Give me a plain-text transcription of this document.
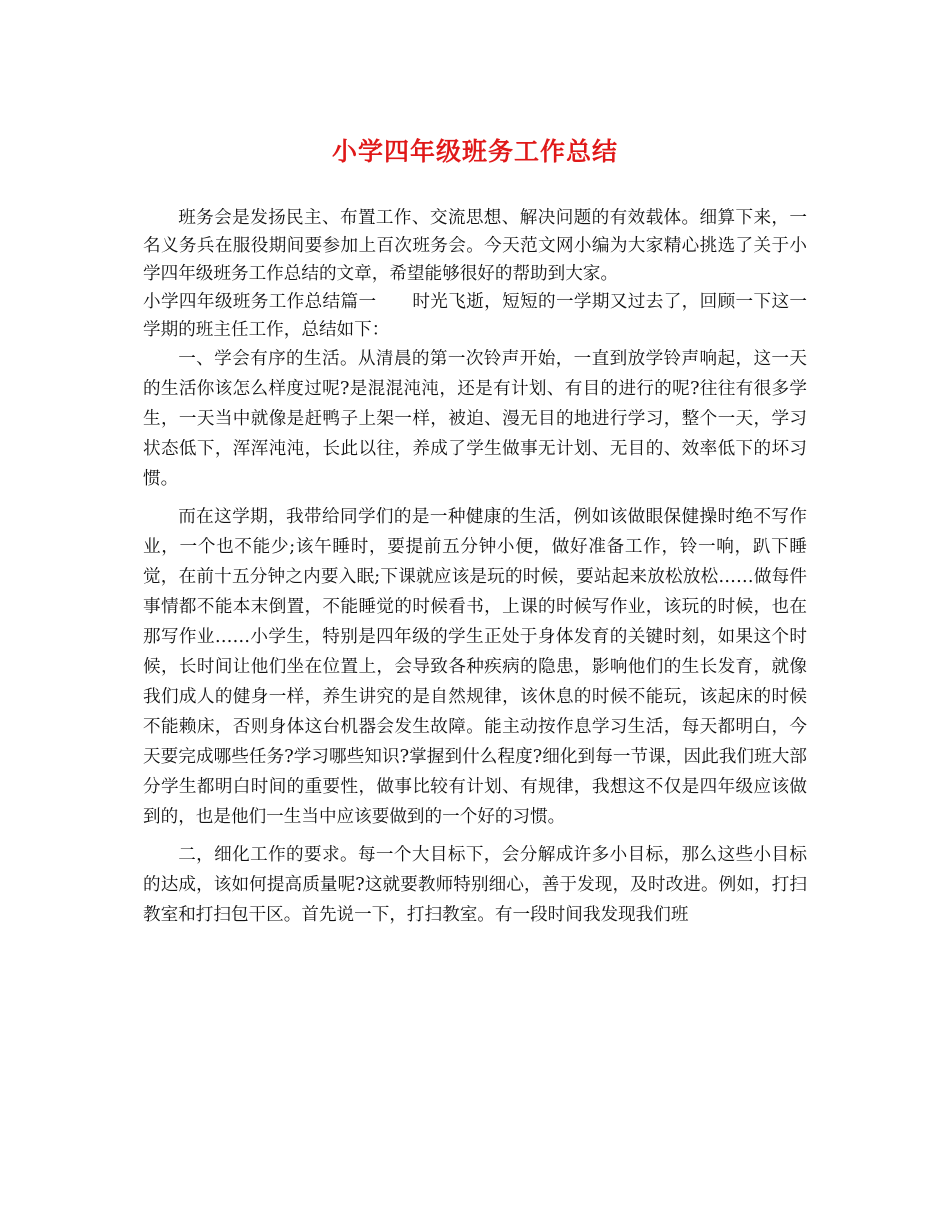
小学四年级班务工作总结

班务会是发扬民主、布置工作、交流思想、解决问题的有效载体。细算下来，一名义务兵在服役期间要参加上百次班务会。今天范文网小编为大家精心挑选了关于小学四年级班务工作总结的文章，希望能够很好的帮助到大家。

小学四年级班务工作总结篇一　　时光飞逝，短短的一学期又过去了，回顾一下这一学期的班主任工作，总结如下：

一、学会有序的生活。从清晨的第一次铃声开始，一直到放学铃声响起，这一天的生活你该怎么样度过呢?是混混沌沌，还是有计划、有目的进行的呢?往往有很多学生，一天当中就像是赶鸭子上架一样，被迫、漫无目的地进行学习，整个一天，学习状态低下，浑浑沌沌，长此以往，养成了学生做事无计划、无目的、效率低下的坏习惯。

而在这学期，我带给同学们的是一种健康的生活，例如该做眼保健操时绝不写作业，一个也不能少;该午睡时，要提前五分钟小便，做好准备工作，铃一响，趴下睡觉，在前十五分钟之内要入眠;下课就应该是玩的时候，要站起来放松放松……做每件事情都不能本末倒置，不能睡觉的时候看书，上课的时候写作业，该玩的时候，也在那写作业……小学生，特别是四年级的学生正处于身体发育的关键时刻，如果这个时候，长时间让他们坐在位置上，会导致各种疾病的隐患，影响他们的生长发育，就像我们成人的健身一样，养生讲究的是自然规律，该休息的时候不能玩，该起床的时候不能赖床，否则身体这台机器会发生故障。能主动按作息学习生活，每天都明白，今天要完成哪些任务?学习哪些知识?掌握到什么程度?细化到每一节课，因此我们班大部分学生都明白时间的重要性，做事比较有计划、有规律，我想这不仅是四年级应该做到的，也是他们一生当中应该要做到的一个好的习惯。

二，细化工作的要求。每一个大目标下，会分解成许多小目标，那么这些小目标的达成，该如何提高质量呢?这就要教师特别细心，善于发现，及时改进。例如，打扫教室和打扫包干区。首先说一下，打扫教室。有一段时间我发现我们班
